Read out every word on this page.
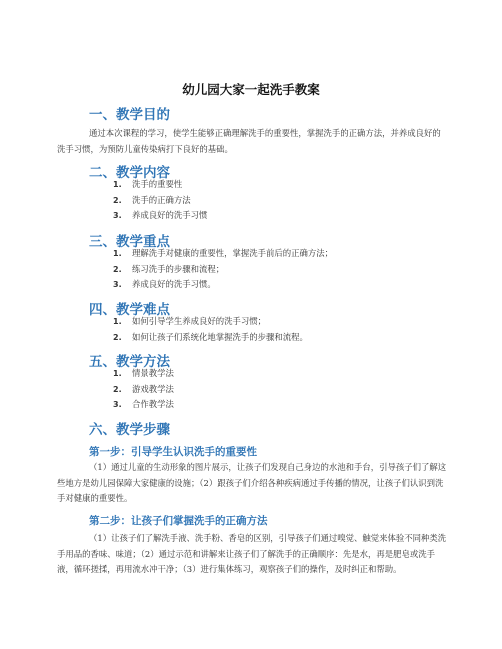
幼儿园大家一起洗手教案
一、教学目的

通过本次课程的学习，使学生能够正确理解洗手的重要性，掌握洗手的正确方法，并养成良好的洗手习惯，为预防儿童传染病打下良好的基础。

二、教学内容
1. 洗手的重要性
2. 洗手的正确方法
3. 养成良好的洗手习惯
三、教学重点
1. 理解洗手对健康的重要性，掌握洗手前后的正确方法；
2. 练习洗手的步骤和流程；
3. 养成良好的洗手习惯。
四、教学难点
1. 如何引导学生养成良好的洗手习惯；
2. 如何让孩子们系统化地掌握洗手的步骤和流程。
五、教学方法
1. 情景教学法
2. 游戏教学法
3. 合作教学法
六、教学步骤
第一步：引导学生认识洗手的重要性

（1）通过儿童的生动形象的图片展示，让孩子们发现自己身边的水池和手台，引导孩子们了解这些地方是幼儿园保障大家健康的设施；（2）跟孩子们介绍各种疾病通过手传播的情况，让孩子们认识到洗手对健康的重要性。

第二步：让孩子们掌握洗手的正确方法

（1）让孩子们了解洗手液、洗手粉、香皂的区别，引导孩子们通过嗅觉、触觉来体验不同种类洗手用品的香味、味道；（2）通过示范和讲解来让孩子们了解洗手的正确顺序：先是水，再是肥皂或洗手液，循环搓揉，再用流水冲干净；（3）进行集体练习，观察孩子们的操作，及时纠正和帮助。
